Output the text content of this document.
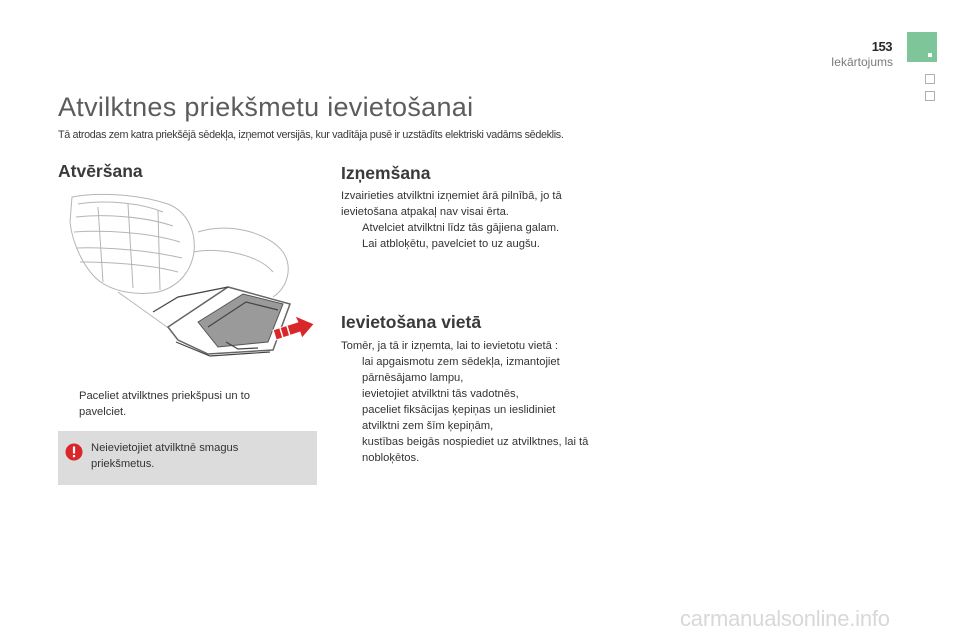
153
Iekārtojums
Atvilktnes priekšmetu ievietošanai
Tā atrodas zem katra priekšējā sēdekļa, izņemot versijās, kur vadītāja pusē ir uzstādīts elektriski vadāms sēdeklis.
Atvēršana
Paceliet atvilktnes priekšpusi un to pavelciet.
Neievietojiet atvilktnē smagus priekšmetus.
Izņemšana
Izvairieties atvilktni izņemiet ārā pilnībā, jo tā ievietošana atpakaļ nav visai ērta.
Atvelciet atvilktni līdz tās gājiena galam.
Lai atbloķētu, pavelciet to uz augšu.
Ievietošana vietā
Tomēr, ja tā ir izņemta, lai to ievietotu vietā :
lai apgaismotu zem sēdekļa, izmantojiet pārnēsājamo lampu,
ievietojiet atvilktni tās vadotnēs,
paceliet fiksācijas ķepiņas un ieslidiniet atvilktni zem šīm ķepiņām,
kustības beigās nospiediet uz atvilktnes, lai tā nobloķētos.
carmanualsonline.info
